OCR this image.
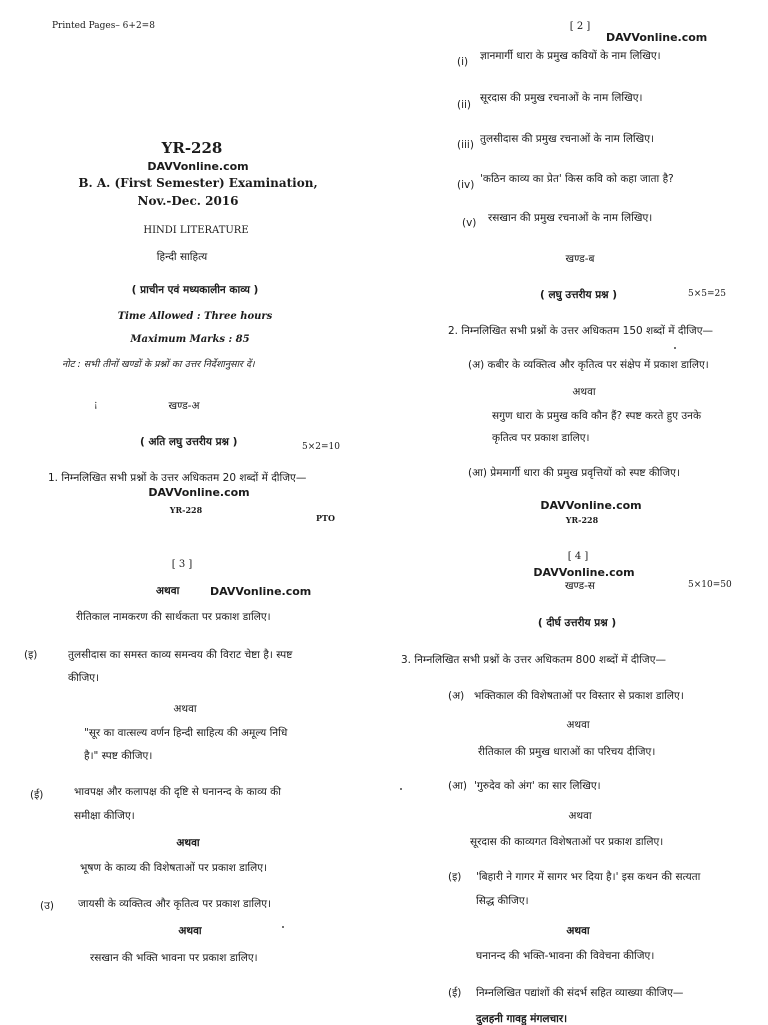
Printed Pages– 6+2=8
YR-228
DAVVonline.com
B. A. (First Semester) Examination,
Nov.-Dec. 2016
HINDI LITERATURE
हिन्दी साहित्य
( प्राचीन एवं मध्यकालीन काव्य )
Time Allowed : Three hours
Maximum Marks : 85
नोट : सभी तीनों खण्डों के प्रश्नों का उत्तर निर्देशानुसार दें।
¡	खण्ड-अ
( अति लघु उत्तरीय प्रश्न )	5×2=10
1. निम्नलिखित सभी प्रश्नों के उत्तर अधिकतम 20 शब्दों में दीजिए—
DAVVonline.com
YR-228
PTO
[ 2 ]
DAVVonline.com
(i) ज्ञानमार्गी धारा के प्रमुख कवियों के नाम लिखिए।
(ii)
सूरदास की प्रमुख रचनाओं के नाम लिखिए।
(iii) तुलसीदास की प्रमुख रचनाओं के नाम लिखिए।
(iv) 'कठिन काव्य का प्रेत' किस कवि को कहा जाता है?
(v) रसखान की प्रमुख रचनाओं के नाम लिखिए।
खण्ड-ब
( लघु उत्तरीय प्रश्न )	5×5=25
2. निम्नलिखित सभी प्रश्नों के उत्तर अधिकतम 150 शब्दों में दीजिए—
(अ) कबीर के व्यक्तित्व और कृतित्व पर संक्षेप में प्रकाश डालिए।
अथवा
सगुण धारा के प्रमुख कवि कौन हैं? स्पष्ट करते हुए उनके
कृतित्व पर प्रकाश डालिए।
(आ) प्रेममार्गी धारा की प्रमुख प्रवृत्तियों को स्पष्ट कीजिए।
DAVVonline.com
YR-228
[ 3 ]
अथवा	DAVVonline.com
रीतिकाल नामकरण की सार्थकता पर प्रकाश डालिए।
(इ)	तुलसीदास का समस्त काव्य समन्वय की विराट चेष्टा है। स्पष्ट
कीजिए।
अथवा
"सूर का वात्सल्य वर्णन हिन्दी साहित्य की अमूल्य निधि
है।" स्पष्ट कीजिए।
(ई)	भावपक्ष और कलापक्ष की दृष्टि से घनानन्द के काव्य की
समीक्षा कीजिए।
अथवा
भूषण के काव्य की विशेषताओं पर प्रकाश डालिए।
(उ) जायसी के व्यक्तित्व और कृतित्व पर प्रकाश डालिए।
अथवा
रसखान की भक्ति भावना पर प्रकाश डालिए।
[ 4 ]
DAVVonline.com
खण्ड-स	5×10=50
( दीर्घ उत्तरीय प्रश्न )
3. निम्नलिखित सभी प्रश्नों के उत्तर अधिकतम 800 शब्दों में दीजिए—
(अ) भक्तिकाल की विशेषताओं पर विस्तार से प्रकाश डालिए।
अथवा
रीतिकाल की प्रमुख धाराओं का परिचय दीजिए।
(आ) 'गुरुदेव को अंग' का सार लिखिए।
अथवा
सूरदास की काव्यगत विशेषताओं पर प्रकाश डालिए।
(इ) 'बिहारी ने गागर में सागर भर दिया है।' इस कथन की सत्यता
सिद्ध कीजिए।
अथवा
घनानन्द की भक्ति-भावना की विवेचना कीजिए।
(ई) निम्नलिखित पद्यांशों की संदर्भ सहित व्याख्या कीजिए—
दुलहनी गावहु मंगलचार।
